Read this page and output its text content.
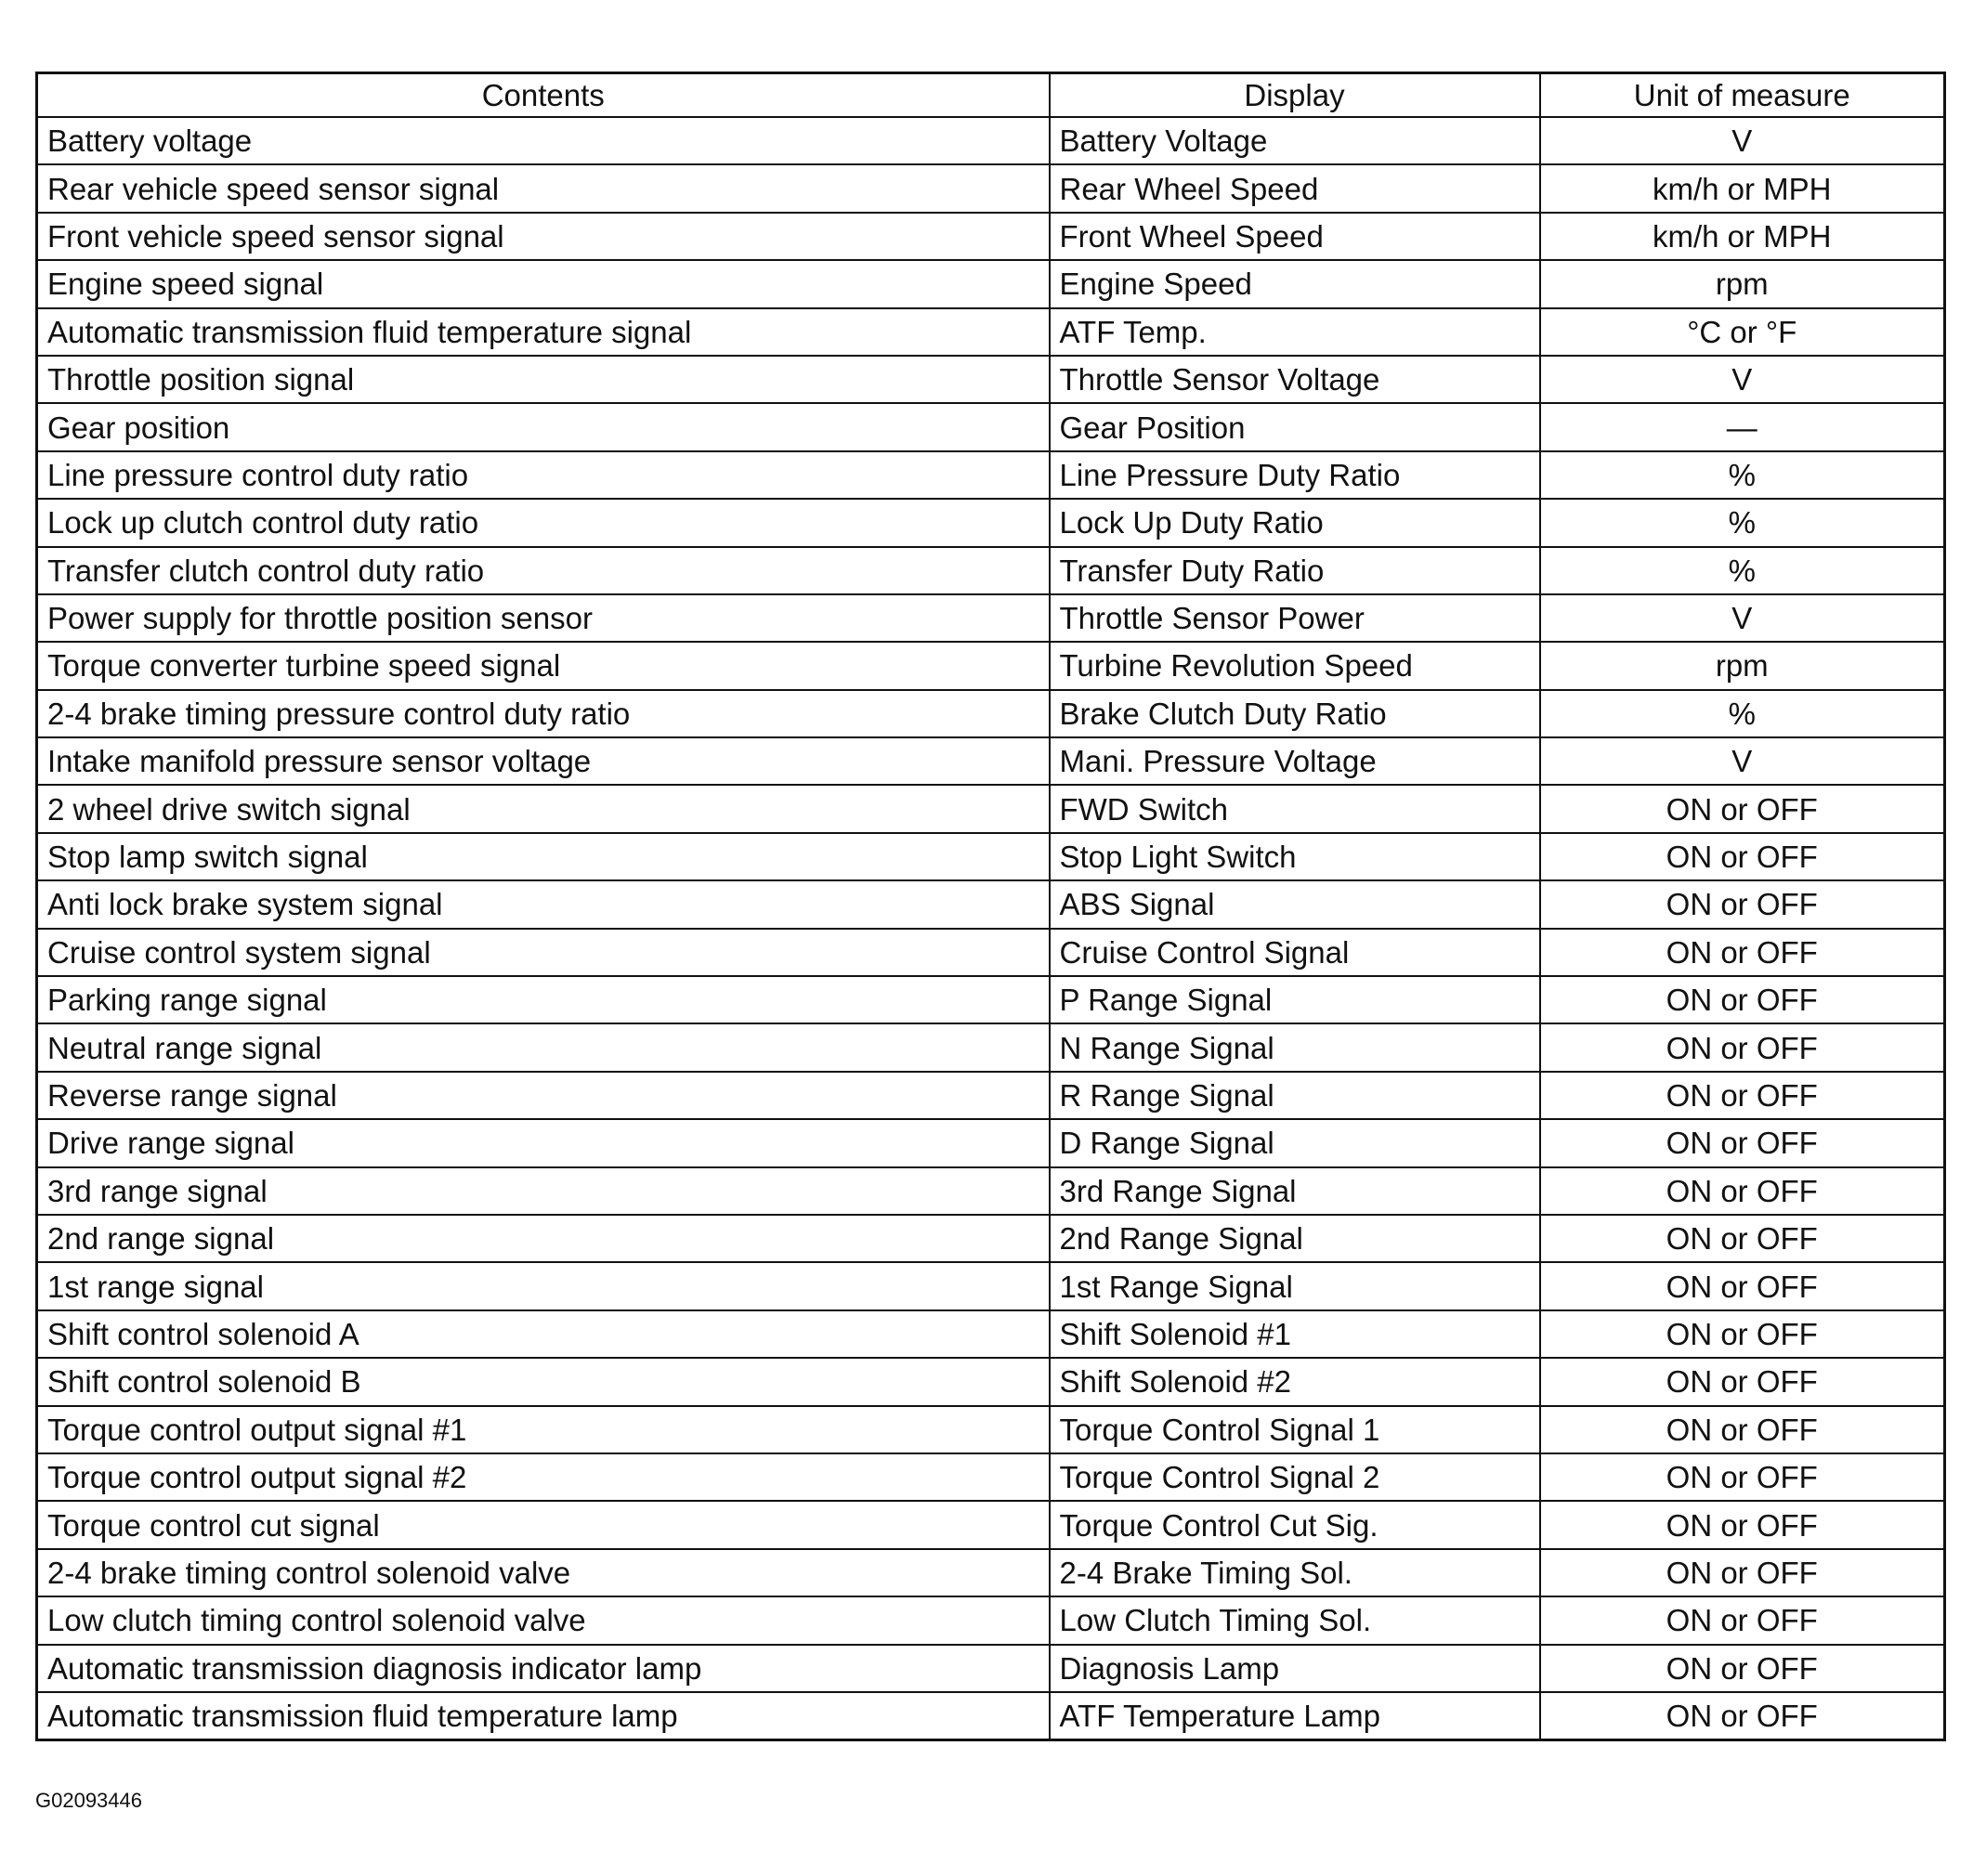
Contents	Display	Unit of measure
Battery voltage	Battery Voltage	V
Rear vehicle speed sensor signal	Rear Wheel Speed	km/h or MPH
Front vehicle speed sensor signal	Front Wheel Speed	km/h or MPH
Engine speed signal	Engine Speed	rpm
Automatic transmission fluid temperature signal	ATF Temp.	°C or °F
Throttle position signal	Throttle Sensor Voltage	V
Gear position	Gear Position	—
Line pressure control duty ratio	Line Pressure Duty Ratio	%
Lock up clutch control duty ratio	Lock Up Duty Ratio	%
Transfer clutch control duty ratio	Transfer Duty Ratio	%
Power supply for throttle position sensor	Throttle Sensor Power	V
Torque converter turbine speed signal	Turbine Revolution Speed	rpm
2-4 brake timing pressure control duty ratio	Brake Clutch Duty Ratio	%
Intake manifold pressure sensor voltage	Mani. Pressure Voltage	V
2 wheel drive switch signal	FWD Switch	ON or OFF
Stop lamp switch signal	Stop Light Switch	ON or OFF
Anti lock brake system signal	ABS Signal	ON or OFF
Cruise control system signal	Cruise Control Signal	ON or OFF
Parking range signal	P Range Signal	ON or OFF
Neutral range signal	N Range Signal	ON or OFF
Reverse range signal	R Range Signal	ON or OFF
Drive range signal	D Range Signal	ON or OFF
3rd range signal	3rd Range Signal	ON or OFF
2nd range signal	2nd Range Signal	ON or OFF
1st range signal	1st Range Signal	ON or OFF
Shift control solenoid A	Shift Solenoid #1	ON or OFF
Shift control solenoid B	Shift Solenoid #2	ON or OFF
Torque control output signal #1	Torque Control Signal 1	ON or OFF
Torque control output signal #2	Torque Control Signal 2	ON or OFF
Torque control cut signal	Torque Control Cut Sig.	ON or OFF
2-4 brake timing control solenoid valve	2-4 Brake Timing Sol.	ON or OFF
Low clutch timing control solenoid valve	Low Clutch Timing Sol.	ON or OFF
Automatic transmission diagnosis indicator lamp	Diagnosis Lamp	ON or OFF
Automatic transmission fluid temperature lamp	ATF Temperature Lamp	ON or OFF
G02093446
